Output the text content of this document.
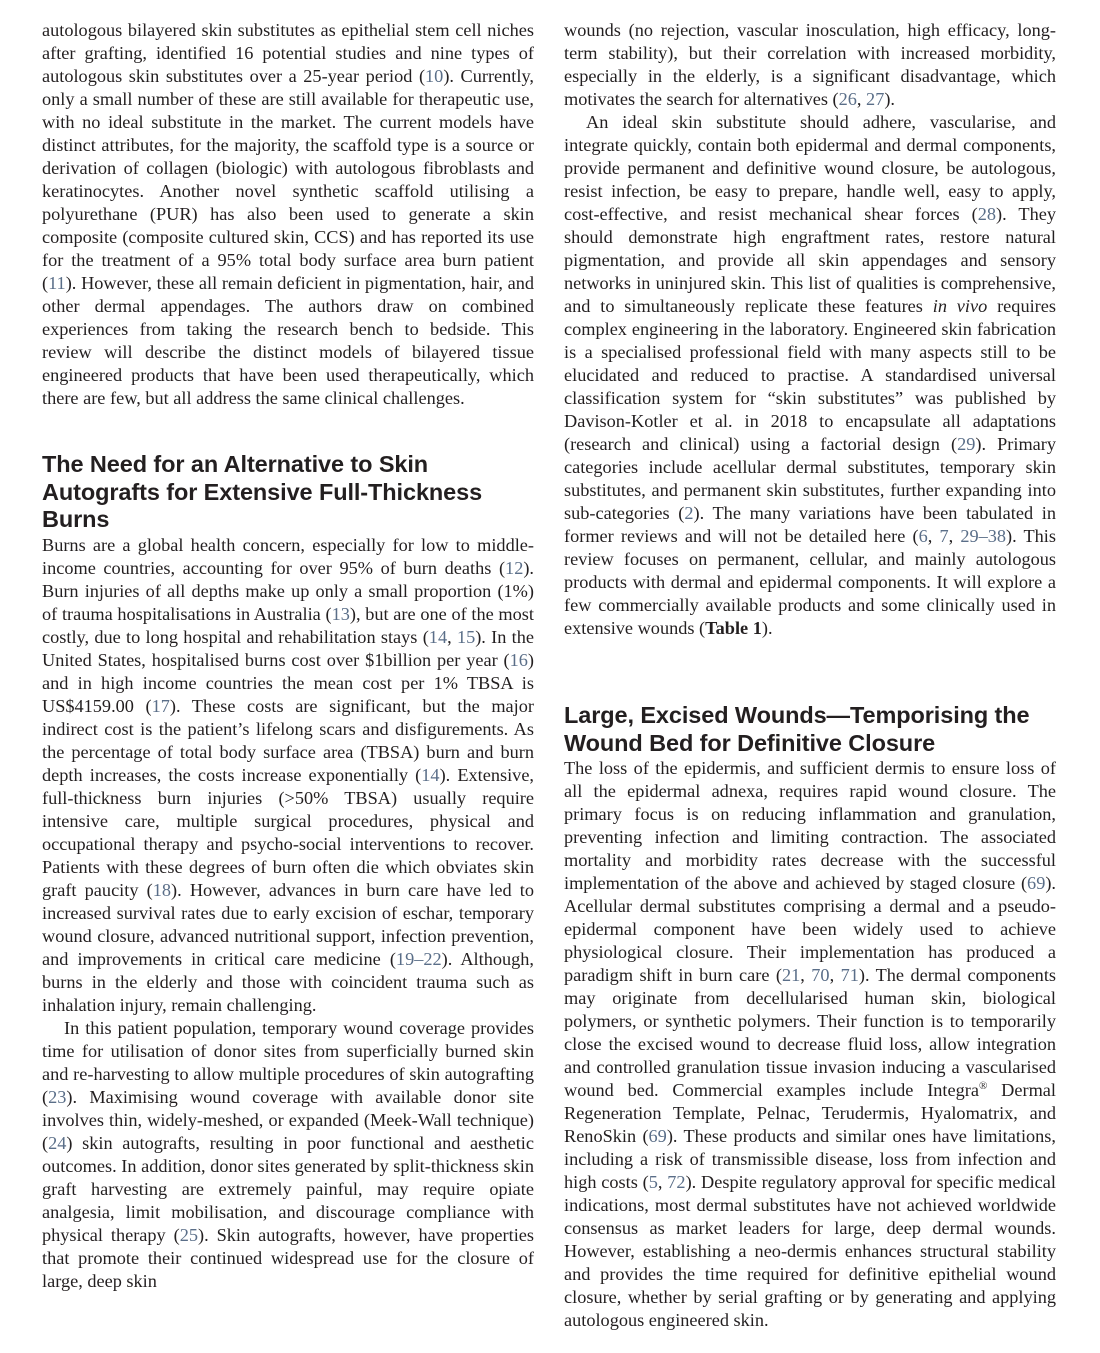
autologous bilayered skin substitutes as epithelial stem cell niches after grafting, identified 16 potential studies and nine types of autologous skin substitutes over a 25-year period (10). Currently, only a small number of these are still available for therapeutic use, with no ideal substitute in the market. The current models have distinct attributes, for the majority, the scaffold type is a source or derivation of collagen (biologic) with autologous fibroblasts and keratinocytes. Another novel synthetic scaffold utilising a polyurethane (PUR) has also been used to generate a skin composite (composite cultured skin, CCS) and has reported its use for the treatment of a 95% total body surface area burn patient (11). However, these all remain deficient in pigmentation, hair, and other dermal appendages. The authors draw on combined experiences from taking the research bench to bedside. This review will describe the distinct models of bilayered tissue engineered products that have been used therapeutically, which there are few, but all address the same clinical challenges.

The Need for an Alternative to Skin Autografts for Extensive Full-Thickness Burns

Burns are a global health concern, especially for low to middle-income countries, accounting for over 95% of burn deaths (12). Burn injuries of all depths make up only a small proportion (1%) of trauma hospitalisations in Australia (13), but are one of the most costly, due to long hospital and rehabilitation stays (14, 15). In the United States, hospitalised burns cost over $1billion per year (16) and in high income countries the mean cost per 1% TBSA is US$4159.00 (17). These costs are significant, but the major indirect cost is the patient’s lifelong scars and disfigurements. As the percentage of total body surface area (TBSA) burn and burn depth increases, the costs increase exponentially (14). Extensive, full-thickness burn injuries (>50% TBSA) usually require intensive care, multiple surgical procedures, physical and occupational therapy and psycho-social interventions to recover. Patients with these degrees of burn often die which obviates skin graft paucity (18). However, advances in burn care have led to increased survival rates due to early excision of eschar, temporary wound closure, advanced nutritional support, infection prevention, and improvements in critical care medicine (19–22). Although, burns in the elderly and those with coincident trauma such as inhalation injury, remain challenging.

In this patient population, temporary wound coverage provides time for utilisation of donor sites from superficially burned skin and re-harvesting to allow multiple procedures of skin autografting (23). Maximising wound coverage with available donor site involves thin, widely-meshed, or expanded (Meek-Wall technique) (24) skin autografts, resulting in poor functional and aesthetic outcomes. In addition, donor sites generated by split-thickness skin graft harvesting are extremely painful, may require opiate analgesia, limit mobilisation, and discourage compliance with physical therapy (25). Skin autografts, however, have properties that promote their continued widespread use for the closure of large, deep skin

wounds (no rejection, vascular inosculation, high efficacy, long-term stability), but their correlation with increased morbidity, especially in the elderly, is a significant disadvantage, which motivates the search for alternatives (26, 27).

An ideal skin substitute should adhere, vascularise, and integrate quickly, contain both epidermal and dermal components, provide permanent and definitive wound closure, be autologous, resist infection, be easy to prepare, handle well, easy to apply, cost-effective, and resist mechanical shear forces (28). They should demonstrate high engraftment rates, restore natural pigmentation, and provide all skin appendages and sensory networks in uninjured skin. This list of qualities is comprehensive, and to simultaneously replicate these features in vivo requires complex engineering in the laboratory. Engineered skin fabrication is a specialised professional field with many aspects still to be elucidated and reduced to practise. A standardised universal classification system for “skin substitutes” was published by Davison-Kotler et al. in 2018 to encapsulate all adaptations (research and clinical) using a factorial design (29). Primary categories include acellular dermal substitutes, temporary skin substitutes, and permanent skin substitutes, further expanding into sub-categories (2). The many variations have been tabulated in former reviews and will not be detailed here (6, 7, 29–38). This review focuses on permanent, cellular, and mainly autologous products with dermal and epidermal components. It will explore a few commercially available products and some clinically used in extensive wounds (Table 1).

Large, Excised Wounds—Temporising the Wound Bed for Definitive Closure

The loss of the epidermis, and sufficient dermis to ensure loss of all the epidermal adnexa, requires rapid wound closure. The primary focus is on reducing inflammation and granulation, preventing infection and limiting contraction. The associated mortality and morbidity rates decrease with the successful implementation of the above and achieved by staged closure (69). Acellular dermal substitutes comprising a dermal and a pseudo-epidermal component have been widely used to achieve physiological closure. Their implementation has produced a paradigm shift in burn care (21, 70, 71). The dermal components may originate from decellularised human skin, biological polymers, or synthetic polymers. Their function is to temporarily close the excised wound to decrease fluid loss, allow integration and controlled granulation tissue invasion inducing a vascularised wound bed. Commercial examples include Integra® Dermal Regeneration Template, Pelnac, Terudermis, Hyalomatrix, and RenoSkin (69). These products and similar ones have limitations, including a risk of transmissible disease, loss from infection and high costs (5, 72). Despite regulatory approval for specific medical indications, most dermal substitutes have not achieved worldwide consensus as market leaders for large, deep dermal wounds. However, establishing a neo-dermis enhances structural stability and provides the time required for definitive epithelial wound closure, whether by serial grafting or by generating and applying autologous engineered skin.
